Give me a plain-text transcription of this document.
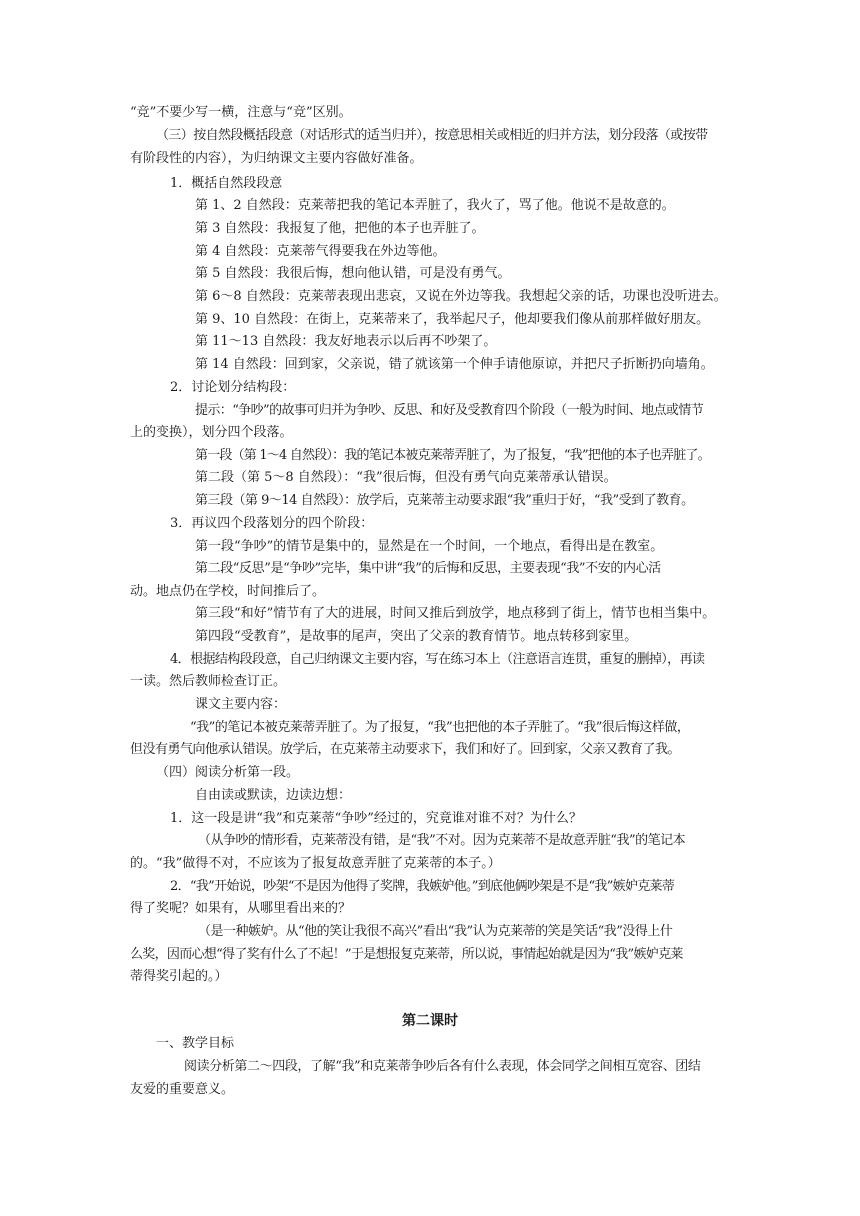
“竞”不要少写一横，注意与“竞”区别。
（三）按自然段概括段意（对话形式的适当归并），按意思相关或相近的归并方法，划分段落（或按带
有阶段性的内容），为归纳课文主要内容做好准备。
1．概括自然段段意
第 1、2 自然段：克莱蒂把我的笔记本弄脏了，我火了，骂了他。他说不是故意的。
第 3 自然段：我报复了他，把他的本子也弄脏了。
第 4 自然段：克莱蒂气得要我在外边等他。
第 5 自然段：我很后悔，想向他认错，可是没有勇气。
第 6～8 自然段：克莱蒂表现出悲哀，又说在外边等我。我想起父亲的话，功课也没听进去。
第 9、10 自然段：在街上，克莱蒂来了，我举起尺子，他却要我们像从前那样做好朋友。
第 11～13 自然段：我友好地表示以后再不吵架了。
第 14 自然段：回到家，父亲说，错了就该第一个伸手请他原谅，并把尺子折断扔向墙角。
2．讨论划分结构段：
提示：“争吵”的故事可归并为争吵、反思、和好及受教育四个阶段（一般为时间、地点或情节
上的变换），划分四个段落。
第一段（第 1～4 自然段）：我的笔记本被克莱蒂弄脏了，为了报复，“我”把他的本子也弄脏了。
第二段（第 5～8 自然段）：“我”很后悔，但没有勇气向克莱蒂承认错误。
第三段（第 9～14 自然段）：放学后，克莱蒂主动要求跟“我”重归于好，“我”受到了教育。
3．再议四个段落划分的四个阶段：
第一段“争吵”的情节是集中的，显然是在一个时间，一个地点，看得出是在教室。
第二段“反思”是“争吵”完毕，集中讲“我”的后悔和反思，主要表现“我”不安的内心活
动。地点仍在学校，时间推后了。
第三段“和好”情节有了大的进展，时间又推后到放学，地点移到了街上，情节也相当集中。
第四段“受教育”，是故事的尾声，突出了父亲的教育情节。地点转移到家里。
4．根据结构段段意，自己归纳课文主要内容，写在练习本上（注意语言连贯，重复的删掉），再读
一读。然后教师检查订正。
课文主要内容：
“我”的笔记本被克莱蒂弄脏了。为了报复，“我”也把他的本子弄脏了。“我”很后悔这样做，
但没有勇气向他承认错误。放学后，在克莱蒂主动要求下，我们和好了。回到家，父亲又教育了我。
（四）阅读分析第一段。
自由读或默读，边读边想：
1．这一段是讲“我”和克莱蒂“争吵”经过的，究竟谁对谁不对？为什么？
（从争吵的情形看，克莱蒂没有错，是“我”不对。因为克莱蒂不是故意弄脏“我”的笔记本
的。“我”做得不对，不应该为了报复故意弄脏了克莱蒂的本子。）
2．“我”开始说，吵架“不是因为他得了奖牌，我嫉妒他。”到底他俩吵架是不是“我”嫉妒克莱蒂
得了奖呢？如果有，从哪里看出来的？
（是一种嫉妒。从“他的笑让我很不高兴”看出“我”认为克莱蒂的笑是笑话“我”没得上什
么奖，因而心想“得了奖有什么了不起！”于是想报复克莱蒂，所以说，事情起始就是因为“我”嫉妒克莱
蒂得奖引起的。）
第二课时
一、教学目标
阅读分析第二～四段，了解“我”和克莱蒂争吵后各有什么表现，体会同学之间相互宽容、团结
友爱的重要意义。
